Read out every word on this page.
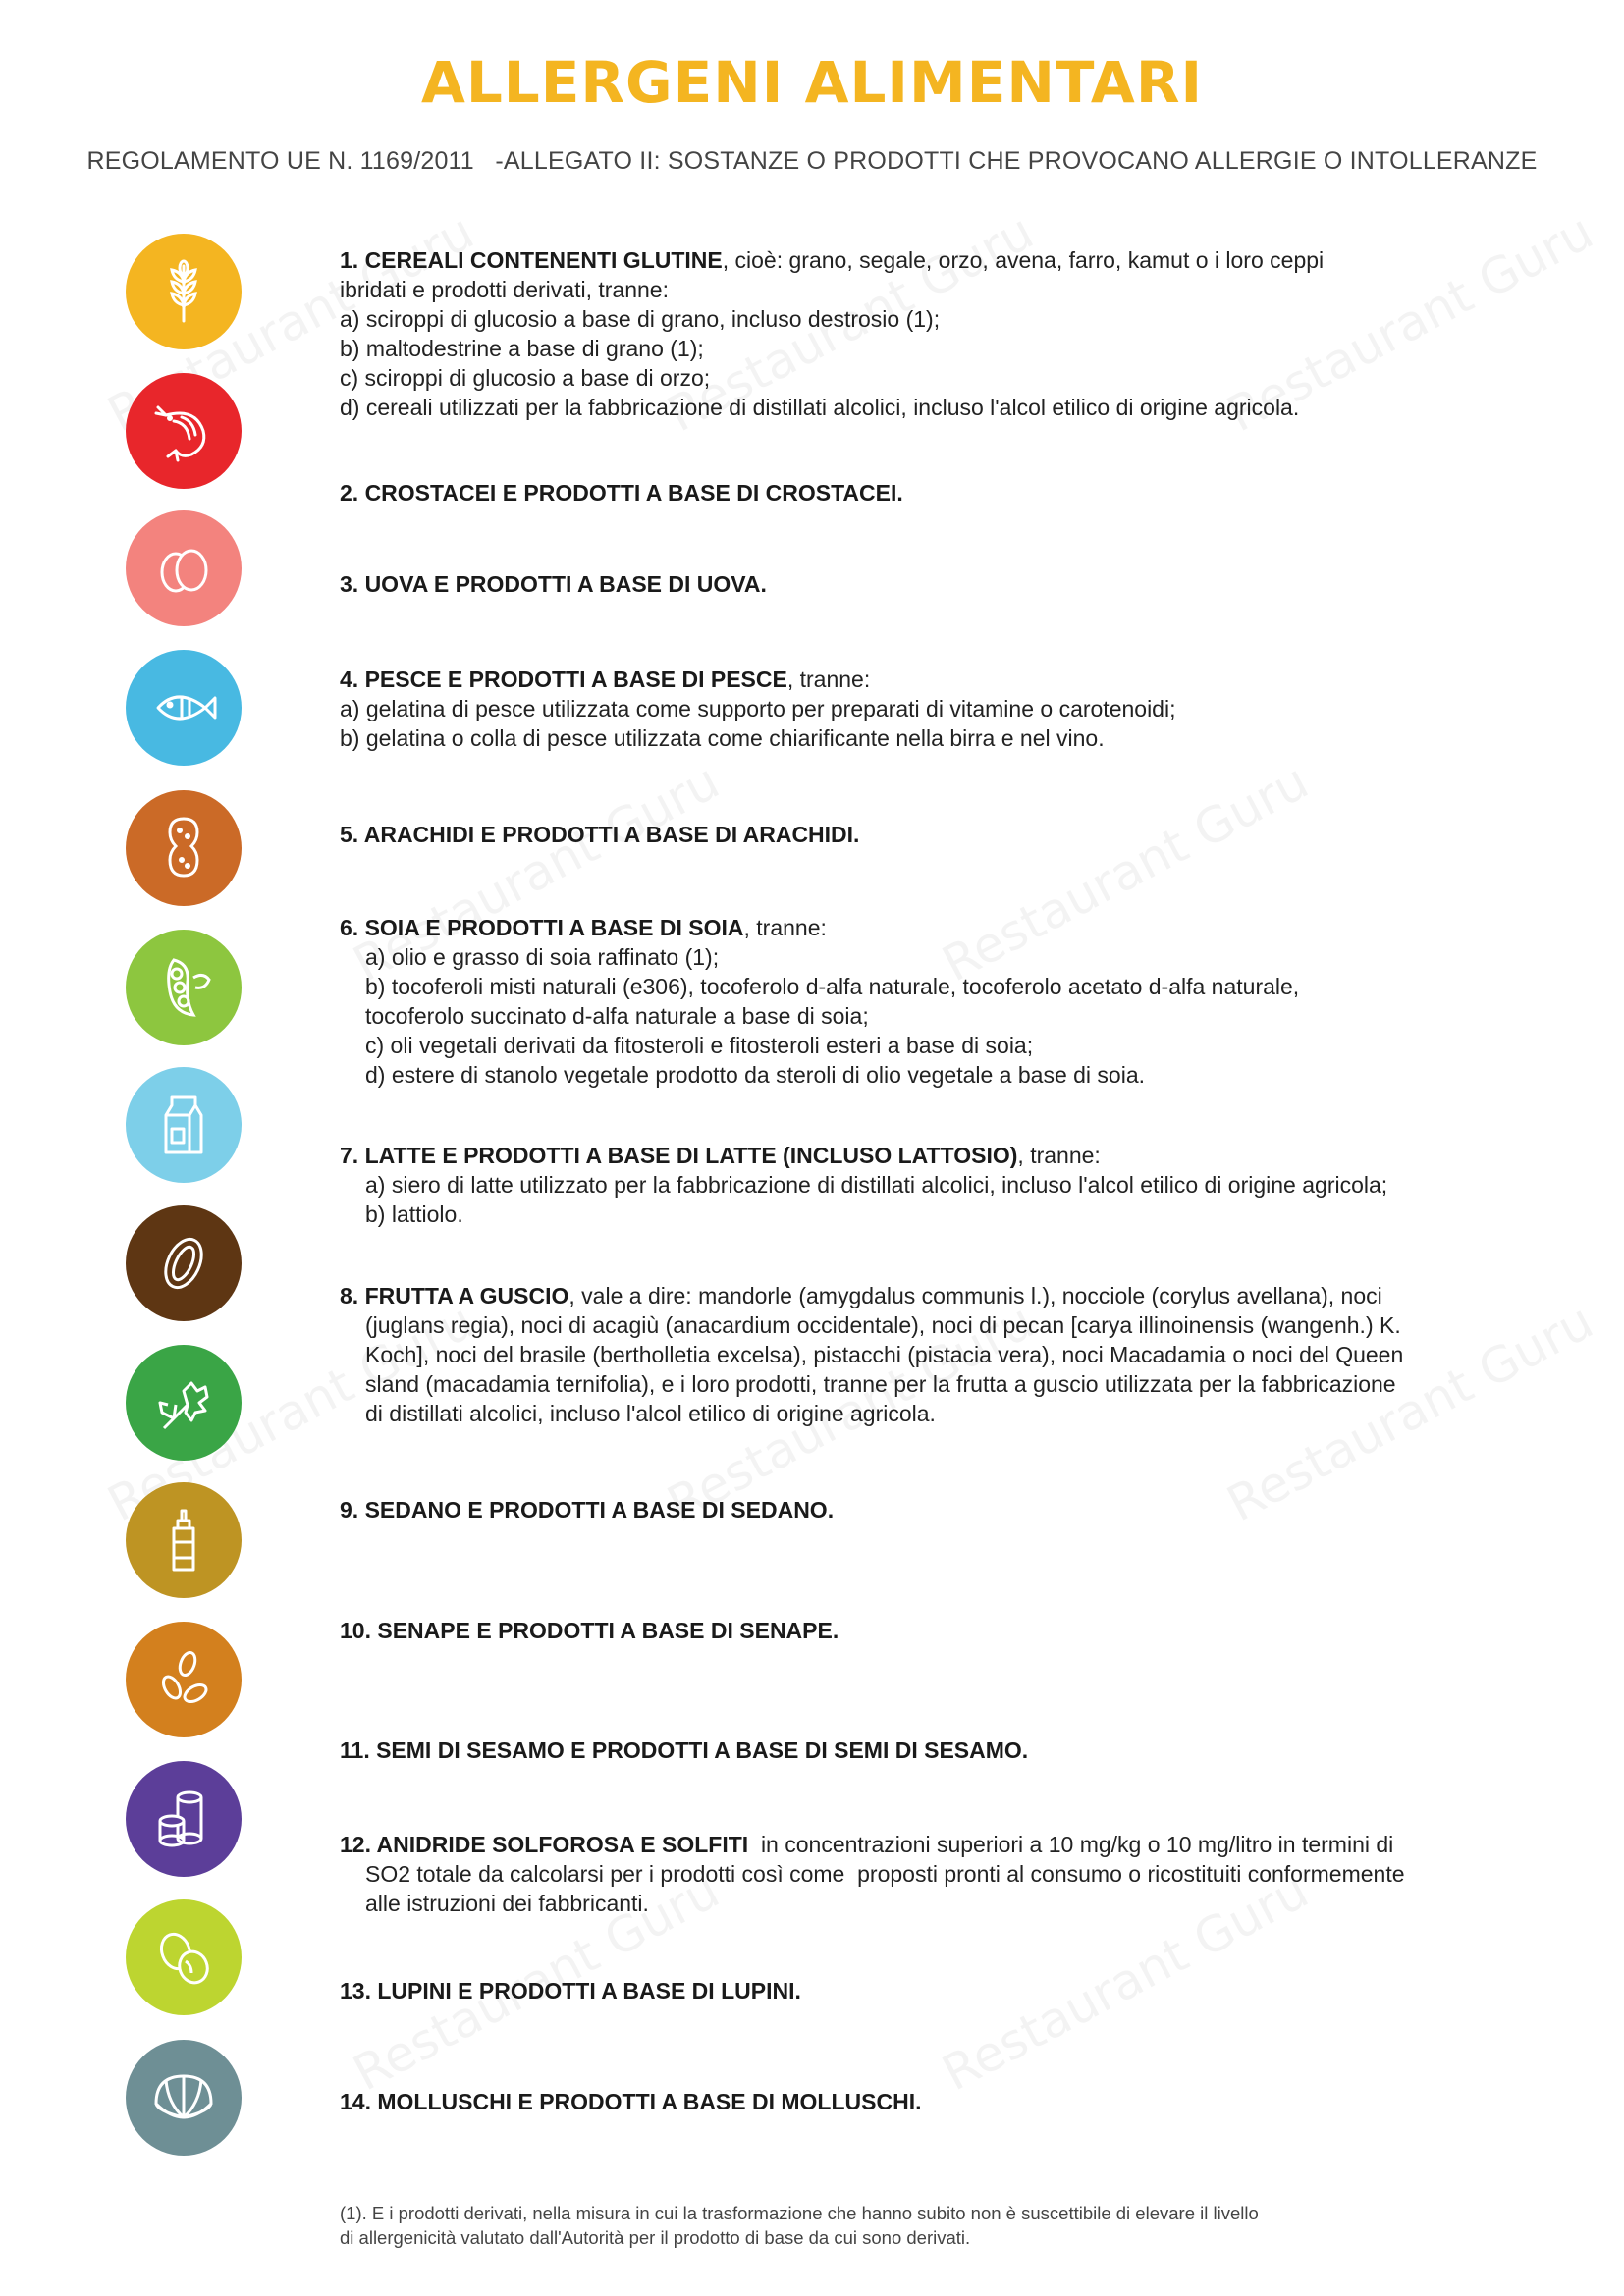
ALLERGENI ALIMENTARI
REGOLAMENTO UE N. 1169/2011   -ALLEGATO II: SOSTANZE O PRODOTTI CHE PROVOCANO ALLERGIE O INTOLLERANZE
1. CEREALI CONTENENTI GLUTINE, cioè: grano, segale, orzo, avena, farro, kamut o i loro ceppi
ibridati e prodotti derivati, tranne:
a) sciroppi di glucosio a base di grano, incluso destrosio (1);
b) maltodestrine a base di grano (1);
c) sciroppi di glucosio a base di orzo;
d) cereali utilizzati per la fabbricazione di distillati alcolici, incluso l'alcol etilico di origine agricola.
2. CROSTACEI E PRODOTTI A BASE DI CROSTACEI.
3. UOVA E PRODOTTI A BASE DI UOVA.
4. PESCE E PRODOTTI A BASE DI PESCE, tranne:
a) gelatina di pesce utilizzata come supporto per preparati di vitamine o carotenoidi;
b) gelatina o colla di pesce utilizzata come chiarificante nella birra e nel vino.
5. ARACHIDI E PRODOTTI A BASE DI ARACHIDI.
6. SOIA E PRODOTTI A BASE DI SOIA, tranne:
a) olio e grasso di soia raffinato (1);
b) tocoferoli misti naturali (e306), tocoferolo d-alfa naturale, tocoferolo acetato d-alfa naturale,
tocoferolo succinato d-alfa naturale a base di soia;
c) oli vegetali derivati da fitosteroli e fitosteroli esteri a base di soia;
d) estere di stanolo vegetale prodotto da steroli di olio vegetale a base di soia.
7. LATTE E PRODOTTI A BASE DI LATTE (INCLUSO LATTOSIO), tranne:
a) siero di latte utilizzato per la fabbricazione di distillati alcolici, incluso l'alcol etilico di origine agricola;
b) lattiolo.
8. FRUTTA A GUSCIO, vale a dire: mandorle (amygdalus communis l.), nocciole (corylus avellana), noci
(juglans regia), noci di acagiù (anacardium occidentale), noci di pecan [carya illinoinensis (wangenh.) K.
Koch], noci del brasile (bertholletia excelsa), pistacchi (pistacia vera), noci Macadamia o noci del Queen
sland (macadamia ternifolia), e i loro prodotti, tranne per la frutta a guscio utilizzata per la fabbricazione
di distillati alcolici, incluso l'alcol etilico di origine agricola.
9. SEDANO E PRODOTTI A BASE DI SEDANO.
10. SENAPE E PRODOTTI A BASE DI SENAPE.
11. SEMI DI SESAMO E PRODOTTI A BASE DI SEMI DI SESAMO.
12. ANIDRIDE SOLFOROSA E SOLFITI  in concentrazioni superiori a 10 mg/kg o 10 mg/litro in termini di
SO2 totale da calcolarsi per i prodotti così come  proposti pronti al consumo o ricostituiti conformemente
alle istruzioni dei fabbricanti.
13. LUPINI E PRODOTTI A BASE DI LUPINI.
14. MOLLUSCHI E PRODOTTI A BASE DI MOLLUSCHI.
(1). E i prodotti derivati, nella misura in cui la trasformazione che hanno subito non è suscettibile di elevare il livello
di allergenicità valutato dall'Autorità per il prodotto di base da cui sono derivati.
